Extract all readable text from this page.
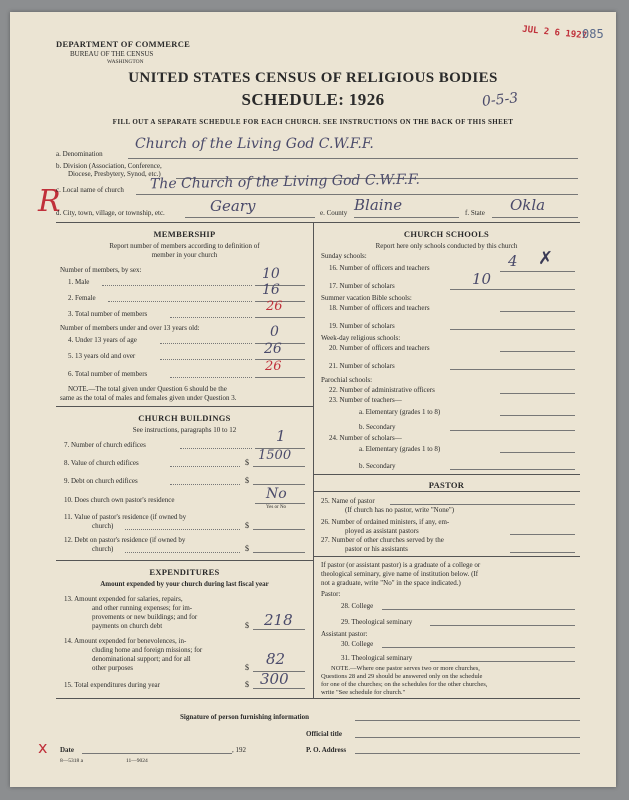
DEPARTMENT OF COMMERCE
BUREAU OF THE CENSUS
WASHINGTON
JUL 2 6 1927
085
UNITED STATES CENSUS OF RELIGIOUS BODIES
SCHEDULE: 1926	0-5-3
FILL OUT A SEPARATE SCHEDULE FOR EACH CHURCH. SEE INSTRUCTIONS ON THE BACK OF THIS SHEET
a. Denomination
Church of the Living God C.W.F.F.
b. Division (Association, Conference,
Diocese, Presbytery, Synod, etc.)
R
c. Local name of church The Church of the Living God C.W.F.F.
d. City, town, village, or township, etc.	Geary	e. County Blaine	f. State Okla
MEMBERSHIP
Report number of members according to definition of
member in your church
Number of members, by sex:
1. Male	10
2. Female	16
3. Total number of members	26
Number of members under and over 13 years old:
4. Under 13 years of age	0
5. 13 years old and over	26
6. Total number of members	26
NOTE.—The total given under Question 6 should be the
same as the total of males and females given under Question 3.
CHURCH BUILDINGS
See instructions, paragraphs 10 to 12
7. Number of church edifices	1
8. Value of church edifices	$ 1500
9. Debt on church edifices	$
10. Does church own pastor's residence	No
Yes or No
11. Value of pastor's residence (if owned by
church)	$
12. Debt on pastor's residence (if owned by
church)	$
EXPENDITURES
Amount expended by your church during last fiscal year
13. Amount expended for salaries, repairs,
and other running expenses; for im-
provements or new buildings; and for
payments on church debt	$ 218
14. Amount expended for benevolences, in-
cluding home and foreign missions; for
denominational support; and for all
other purposes	$ 82
15. Total expenditures during year	$ 300
CHURCH SCHOOLS
Report here only schools conducted by this church
Sunday schools:
16. Number of officers and teachers	4 ✗
17. Number of scholars	10
Summer vacation Bible schools:
18. Number of officers and teachers
19. Number of scholars
Week-day religious schools:
20. Number of officers and teachers
21. Number of scholars
Parochial schools:
22. Number of administrative officers
23. Number of teachers—
a. Elementary (grades 1 to 8)
b. Secondary
24. Number of scholars—
a. Elementary (grades 1 to 8)
b. Secondary
PASTOR
25. Name of pastor
(If church has no pastor, write "None")
26. Number of ordained ministers, if any, em-
ployed as assistant pastors
27. Number of other churches served by the
pastor or his assistants
If pastor (or assistant pastor) is a graduate of a college or
theological seminary, give name of institution below. (If
not a graduate, write "No" in the space indicated.)
Pastor:
28. College
29. Theological seminary
Assistant pastor:
30. College
31. Theological seminary
NOTE.—Where one pastor serves two or more churches,
Questions 28 and 29 should be answered only on the schedule
for one of the churches; on the schedules for the other churches,
write "See schedule for church."
Signature of person furnishing information
Official title
x Date	, 192	P. O. Address
8—5318 a	11—9024
